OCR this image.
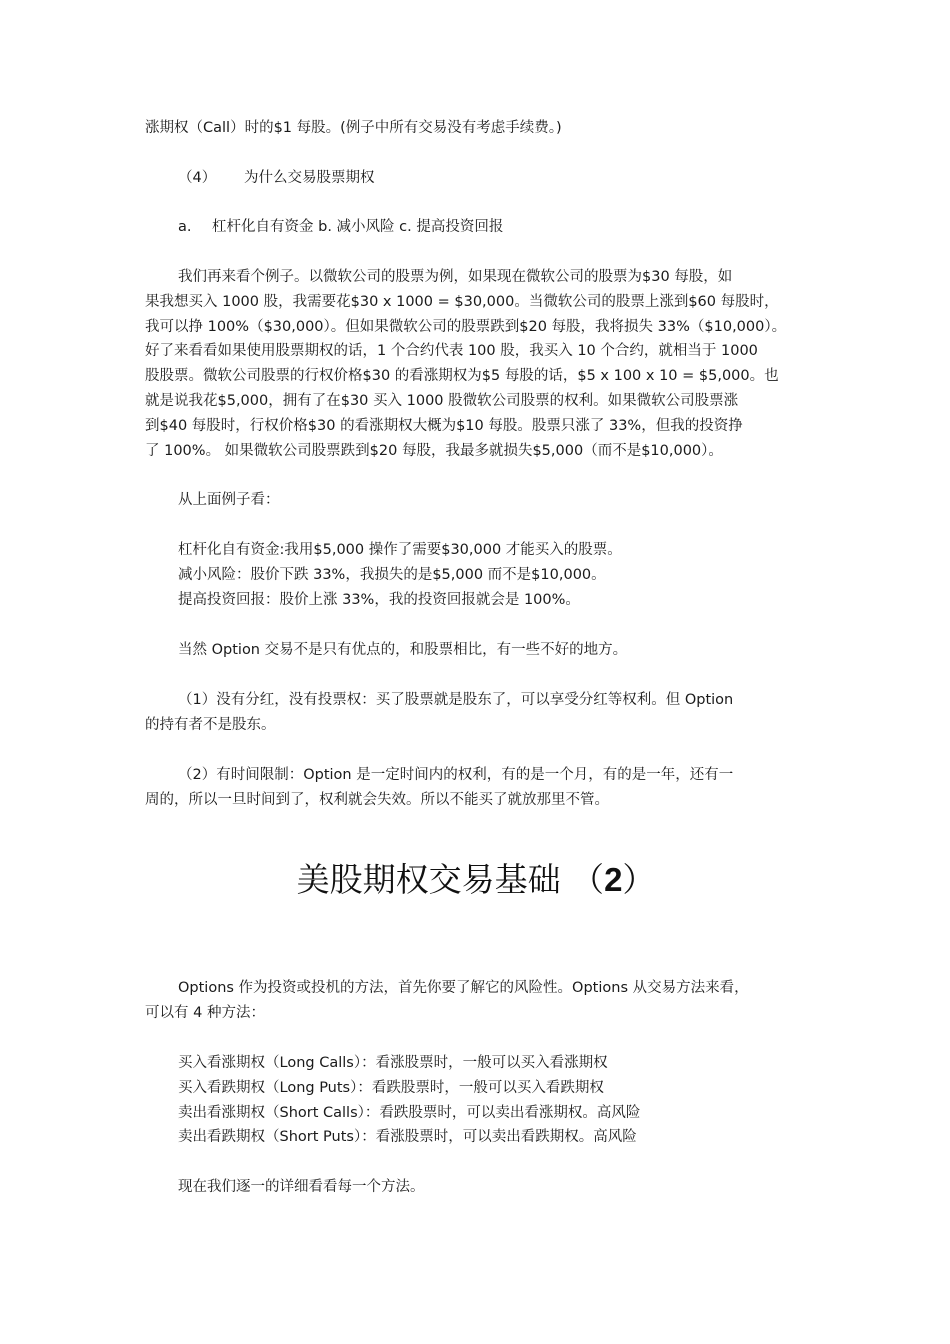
涨期权（Call）时的$1 每股。(例子中所有交易没有考虑手续费。)

（4） 为什么交易股票期权

a. 杠杆化自有资金 b. 减小风险 c. 提高投资回报

我们再来看个例子。以微软公司的股票为例，如果现在微软公司的股票为$30 每股，如
果我想买入 1000 股，我需要花$30 x 1000 = $30,000。当微软公司的股票上涨到$60 每股时，
我可以挣 100%（$30,000）。但如果微软公司的股票跌到$20 每股，我将损失 33%（$10,000）。
好了来看看如果使用股票期权的话，1 个合约代表 100 股，我买入 10 个合约，就相当于 1000
股股票。微软公司股票的行权价格$30 的看涨期权为$5 每股的话，$5 x 100 x 10 = $5,000。也
就是说我花$5,000，拥有了在$30 买入 1000 股微软公司股票的权利。如果微软公司股票涨
到$40 每股时，行权价格$30 的看涨期权大概为$10 每股。股票只涨了 33%，但我的投资挣
了 100%。 如果微软公司股票跌到$20 每股，我最多就损失$5,000（而不是$10,000）。

从上面例子看：

杠杆化自有资金:我用$5,000 操作了需要$30,000 才能买入的股票。
减小风险：股价下跌 33%，我损失的是$5,000 而不是$10,000。
提高投资回报：股价上涨 33%，我的投资回报就会是 100%。

当然 Option 交易不是只有优点的，和股票相比，有一些不好的地方。

（1）没有分红，没有投票权：买了股票就是股东了，可以享受分红等权利。但 Option
的持有者不是股东。
（2）有时间限制：Option 是一定时间内的权利，有的是一个月，有的是一年，还有一
周的，所以一旦时间到了，权利就会失效。所以不能买了就放那里不管。
美股期权交易基础 （2）
Options 作为投资或投机的方法，首先你要了解它的风险性。Options 从交易方法来看，
可以有 4 种方法：
买入看涨期权（Long Calls）：看涨股票时，一般可以买入看涨期权
买入看跌期权（Long Puts）：看跌股票时，一般可以买入看跌期权
卖出看涨期权（Short Calls）：看跌股票时，可以卖出看涨期权。高风险
卖出看跌期权（Short Puts）：看涨股票时，可以卖出看跌期权。高风险

现在我们逐一的详细看看每一个方法。
